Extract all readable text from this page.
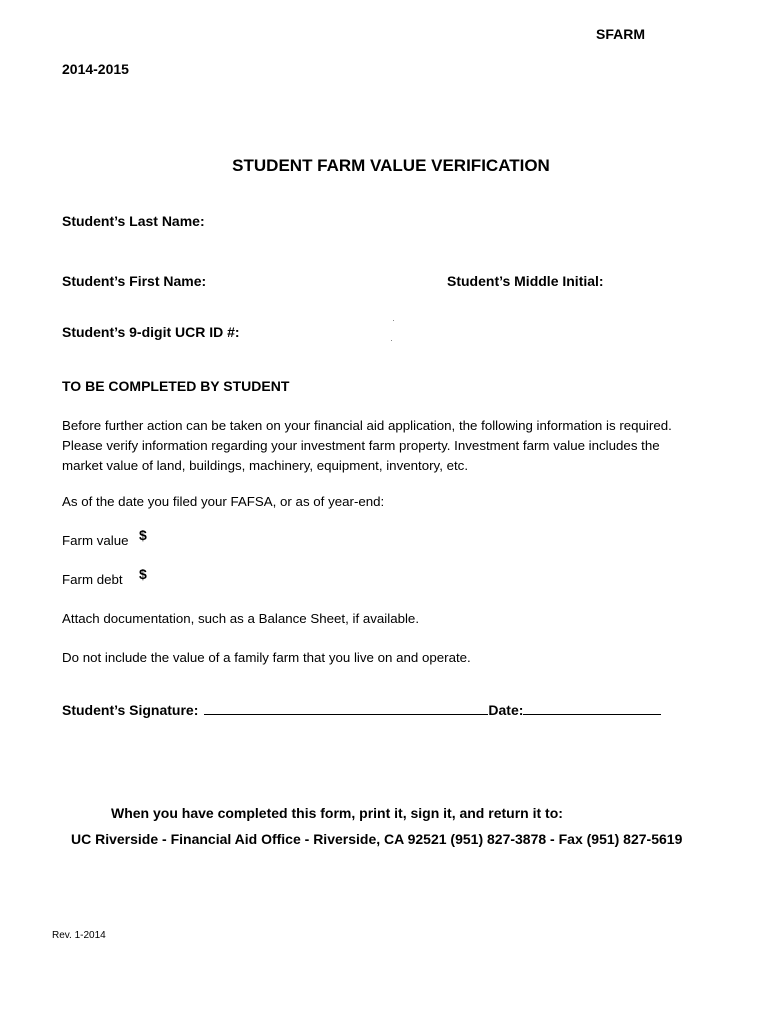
SFARM
2014-2015
STUDENT FARM VALUE VERIFICATION
Student’s Last Name:
Student’s First Name:	Student’s Middle Initial:
Student’s 9-digit UCR ID #:
TO BE COMPLETED BY STUDENT
Before further action can be taken on your financial aid application, the following information is required. Please verify information regarding your investment farm property. Investment farm value includes the market value of land, buildings, machinery, equipment, inventory, etc.
As of the date you filed your FAFSA, or as of year-end:
Farm value $
Farm debt $
Attach documentation, such as a Balance Sheet, if available.
Do not include the value of a family farm that you live on and operate.
Student’s Signature:	Date:
When you have completed this form, print it, sign it, and return it to:
UC Riverside - Financial Aid Office - Riverside, CA 92521 (951) 827-3878 - Fax (951) 827-5619
Rev. 1-2014
